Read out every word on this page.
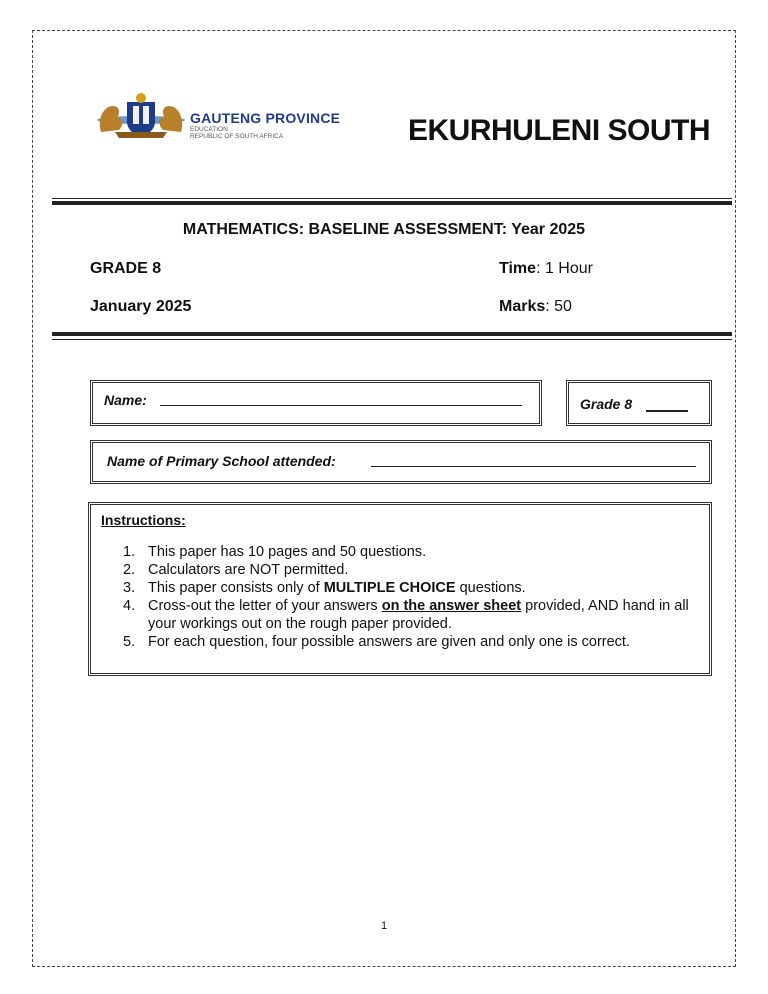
GAUTENG PROVINCE
EDUCATION
REPUBLIC OF SOUTH AFRICA	EKURHULENI SOUTH
MATHEMATICS: BASELINE ASSESSMENT: Year 2025
GRADE 8	Time: 1 Hour
January 2025	Marks: 50
Name:	Grade 8
Name of Primary School attended:
Instructions:
1. This paper has 10 pages and 50 questions.
2. Calculators are NOT permitted.
3. This paper consists only of MULTIPLE CHOICE questions.
4. Cross-out the letter of your answers on the answer sheet provided, AND hand in all your workings out on the rough paper provided.
5. For each question, four possible answers are given and only one is correct.
1
